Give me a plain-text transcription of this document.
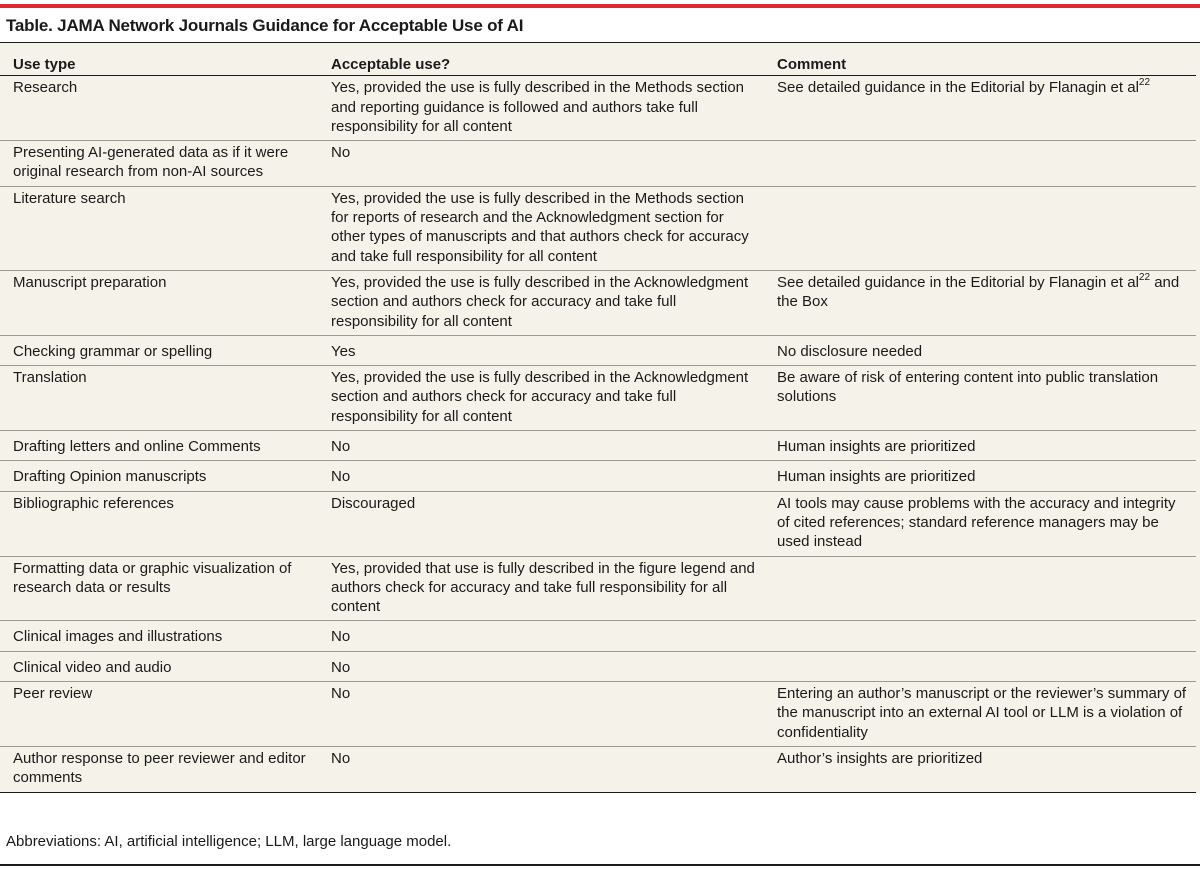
Table. JAMA Network Journals Guidance for Acceptable Use of AI
Use type	Acceptable use?	Comment
Research	Yes, provided the use is fully described in the Methods section and reporting guidance is followed and authors take full responsibility for all content	See detailed guidance in the Editorial by Flanagin et $al^{22}$
Presenting AI-generated data as if it were original research from non-AI sources	No	
Literature search	Yes, provided the use is fully described in the Methods section for reports of research and the Acknowledgment section for other types of manuscripts and that authors check for accuracy and take full responsibility for all content	
Manuscript preparation	Yes, provided the use is fully described in the Acknowledgment section and authors check for accuracy and take full responsibility for all content	See detailed guidance in the Editorial by Flanagin et $al^{22}$ and the Box
Checking grammar or spelling	Yes	No disclosure needed
Translation	Yes, provided the use is fully described in the Acknowledgment section and authors check for accuracy and take full responsibility for all content	Be aware of risk of entering content into public translation solutions
Drafting letters and online Comments	No	Human insights are prioritized
Drafting Opinion manuscripts	No	Human insights are prioritized
Bibliographic references	Discouraged	AI tools may cause problems with the accuracy and integrity of cited references; standard reference managers may be used instead
Formatting data or graphic visualization of research data or results	Yes, provided that use is fully described in the figure legend and authors check for accuracy and take full responsibility for all content	
Clinical images and illustrations	No	
Clinical video and audio	No	
Peer review	No	Entering an author’s manuscript or the reviewer’s summary of the manuscript into an external AI tool or LLM is a violation of confidentiality
Author response to peer reviewer and editor comments	No	Author’s insights are prioritized
Abbreviations: AI, artificial intelligence; LLM, large language model.
